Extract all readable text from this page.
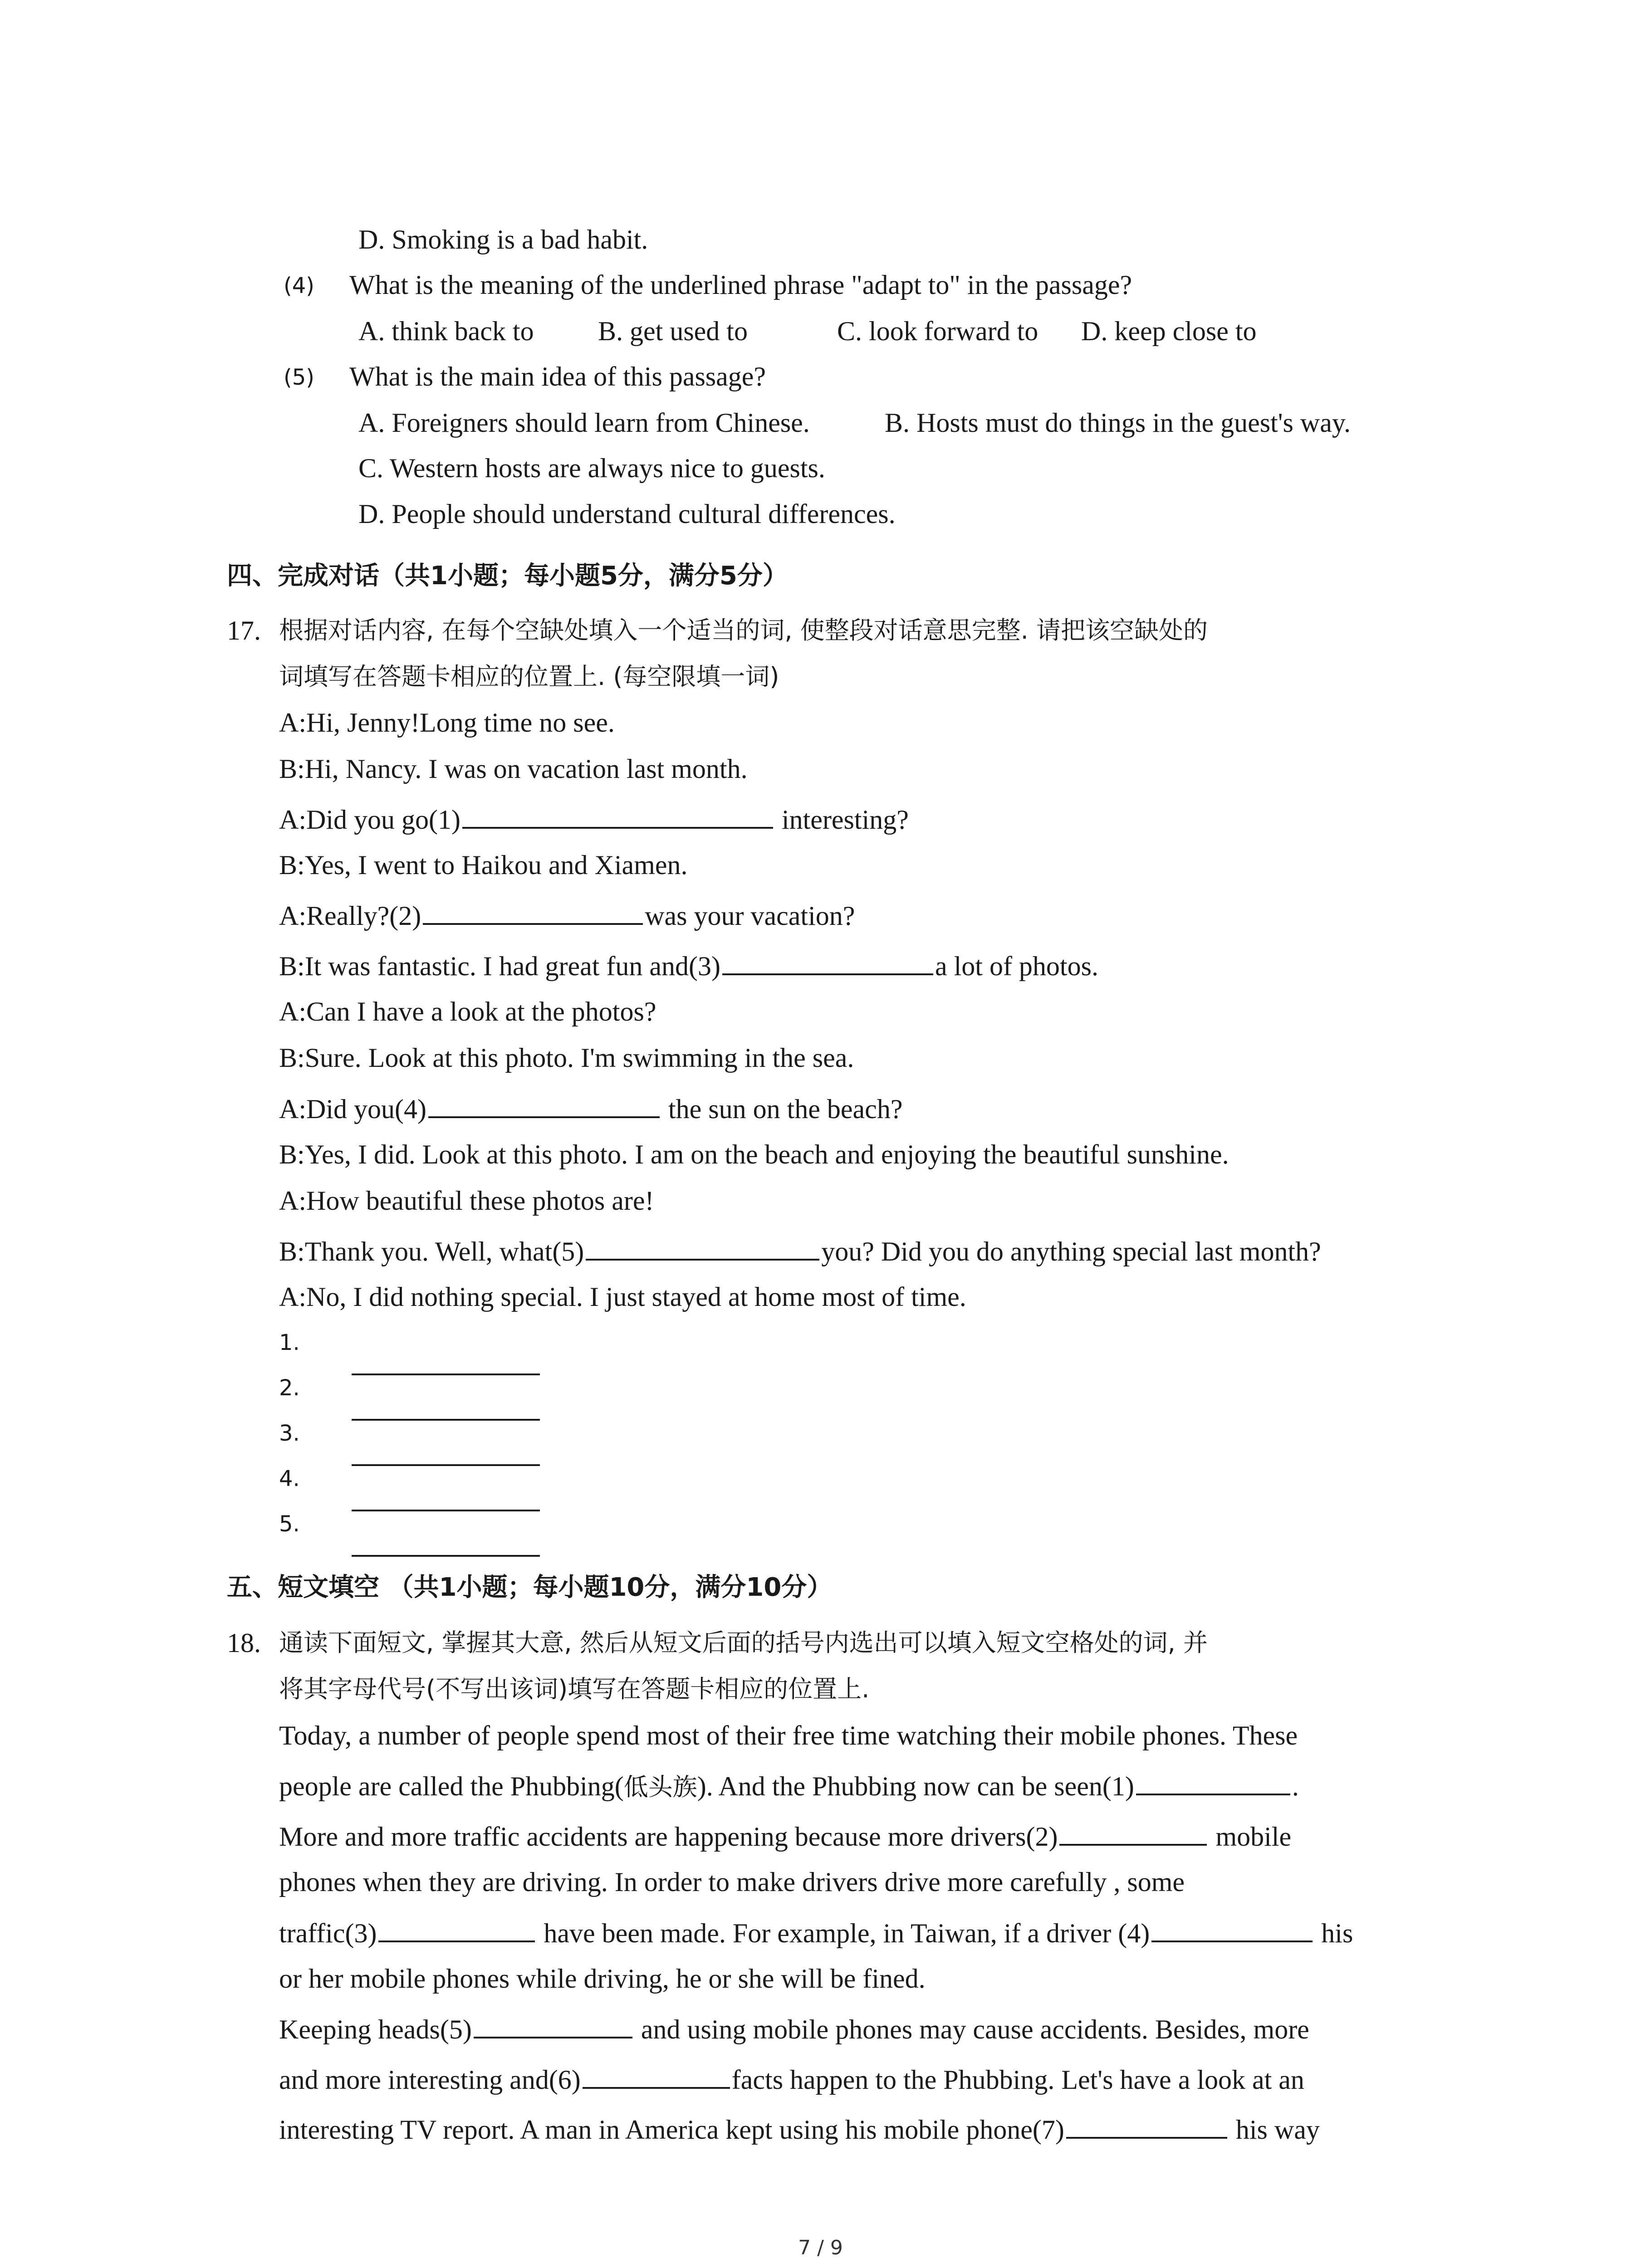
D. Smoking is a bad habit.
(4) What is the meaning of the underlined phrase "adapt to" in the passage?
A. think back to B. get used to	C. look forward to D. keep close to
(5) What is the main idea of this passage?
A. Foreigners should learn from Chinese.	B. Hosts must do things in the guest's way.
C. Western hosts are always nice to guests.
D. People should understand cultural differences.
四、完成对话（共1小题；每小题5分，满分5分）
17. 根据对话内容, 在每个空缺处填入一个适当的词, 使整段对话意思完整. 请把该空缺处的
词填写在答题卡相应的位置上. (每空限填一词)
A:Hi, Jenny!Long time no see.
B:Hi, Nancy. I was on vacation last month.
A:Did you go(1)	interesting?
B:Yes, I went to Haikou and Xiamen.
A:Really?(2)	was your vacation?
B:It was fantastic. I had great fun and(3)	a lot of photos.
A:Can I have a look at the photos?
B:Sure. Look at this photo. I'm swimming in the sea.
A:Did you(4)	the sun on the beach?
B:Yes, I did. Look at this photo. I am on the beach and enjoying the beautiful sunshine.
A:How beautiful these photos are!
B:Thank you. Well, what(5)	you? Did you do anything special last month?
A:No, I did nothing special. I just stayed at home most of time.
1.
2.
3.
4.
5.
五、短文填空 （共1小题；每小题10分，满分10分）
18. 通读下面短文, 掌握其大意, 然后从短文后面的括号内选出可以填入短文空格处的词, 并
将其字母代号(不写出该词)填写在答题卡相应的位置上.
Today, a number of people spend most of their free time watching their mobile phones. These
people are called the Phubbing(低头族). And the Phubbing now can be seen(1)	.
More and more traffic accidents are happening because more drivers(2)	mobile
phones when they are driving. In order to make drivers drive more carefully , some
traffic(3)	have been made. For example, in Taiwan, if a driver (4)	his
or her mobile phones while driving, he or she will be fined.
Keeping heads(5)	and using mobile phones may cause accidents. Besides, more
and more interesting and(6)	facts happen to the Phubbing. Let's have a look at an
interesting TV report. A man in America kept using his mobile phone(7)	his way
7 / 9
